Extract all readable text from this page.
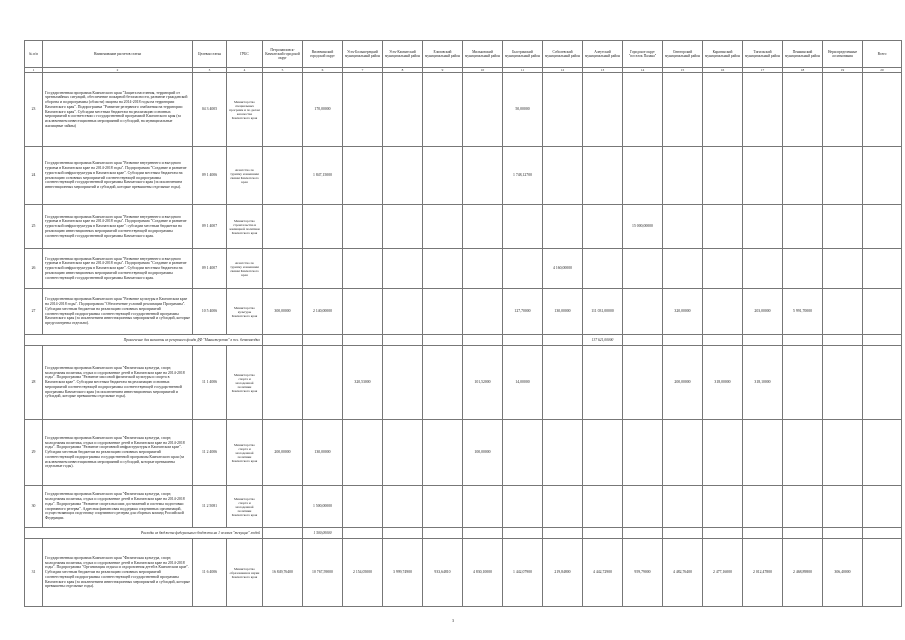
№ п/п	Наименование расчетов статьи	Целевая статья	ГРБС	Петропавловск-Камчатский городской округ	Вилючинский городской округ	Усть-Большерецкий муниципальный район	Усть-Камчатский муниципальный район	Елизовский муниципальный район	Мильковский муниципальный район	Быстринский муниципальный район	Соболевский муниципальный район	Алеутский муниципальный район	Городское округ "поселок Палана"	Олюторский муниципальный район	Карагинский муниципальный район	Тигильский муниципальный район	Пенжинский муниципальный район	Нераспределенные ассигнования	Всего	
1	2	3	4	5	6	7	8	9	10	11	12	13	14	15	16	17	18	19	20	
23	Государственная программа Камчатского края "Защита населения, территорий от чрезвычайных ситуаций, обеспечение пожарной безопасности, развитие гражданской обороты и подпрограммы (области) защиты на 2014-2018 годы на территории Камчатского края". Подпрограмма "Развитие резервного снабжения на территории Камчатского края". Субсидии местным бюджетам на реализацию основных мероприятий в соответствии с государственной программой Камчатского края (за исключением инвестиционных мероприятий и субсидий, на муниципальные жилищные займы)	04 3 4005	Министерство специальных программ и по делам казачества Камчатского края		170,00000					50,00000										
24	Государственная программа Камчатского края "Развитие внутреннего и въездного туризма в Камчатском крае на 2014-2018 годы". Подпрограмма "Создание и развитие туристской инфраструктуры в Камчатском крае". Субсидии местным бюджетам на реализацию основных мероприятий соответствующей подпрограммы соответствующей государственной программы Камчатского края (за исключением инвестиционных мероприятий и субсидий, которые превышены отдельные годы).	09 1 4006	Агентство по туризму и внешним связям Камчатского края		1 847,15000					1 748,12700										
25	Государственная программа Камчатского края "Развитие внутреннего и въездного туризма в Камчатском крае на 2014-2018 годы". Подпрограмма "Создание и развитие туристской инфраструктуры в Камчатском крае": субсидии местным бюджетам на реализацию инвестиционных мероприятий соответствующей подпрограммы соответствующей государственной программы Камчатского края.	09 1 4007	Министерство строительства и жилищной политики Камчатского края										15 000,00000							
26	Государственная программа Камчатского края "Развитие внутреннего и въездного туризма в Камчатском крае на 2014-2018 годы". Подпрограмма "Создание и развитие туристской инфраструктуры в Камчатском крае". Субсидии местным бюджетам на реализацию инвестиционных мероприятий соответствующей подпрограммы соответствующей государственной программы Камчатского края.	09 1 4007	Агентство по туризму и внешним связям Камчатского края								4 160,00000									
27	Государственная программа Камчатского края "Развитие культуры в Камчатском крае на 2014-2018 годы". Подпрограмма "Обеспечение условий реализации Программы". Субсидии местным бюджетам на реализацию основных мероприятий соответствующей подпрограммы соответствующей государственной программы Камчатского края (за исключением инвестиционных мероприятий и субсидий, которые предусмотрены отдельно).	10 5 4006	Министерство культуры Камчатского края	300,00000	2 140,00000					127,70000	130,00000	111 031,00000		320,00000		203,00000	5 991,70000			
Привлечение для выплаты из резервного фонда ДФ "Министерство" в т.ч. безвозмездно												137 621,00000								
28	Государственная программа Камчатского края "Физическая культура, спорт, молодежная политика, отдых и оздоровление детей в Камчатском крае на 2014-2018 годы". Подпрограмма "Развитие массовой физической культуры и спорта в Камчатском крае". Субсидии местным бюджетам на реализацию основных мероприятий соответствующей подпрограммы соответствующей государственной программы Камчатского края (за исключением инвестиционных мероприятий и субсидий, которые превышены отдельные годы).	11 1 4006	Министерство спорта и молодежной политики Камчатского края			320,53000			101,52000	14,00000				200,00000	318,00000	318,10000				
29	Государственная программа Камчатского края "Физическая культура, спорт, молодежная политика, отдых и оздоровление детей в Камчатском крае на 2014-2018 годы". Подпрограмма "Развитие спортивной инфраструктуры в Камчатском крае". Субсидии местным бюджетам на реализацию основных мероприятий соответствующей подпрограммы государственной программы Камчатского края (за исключением инвестиционных мероприятий и субсидий, которые превышены отдельные годы).	11 2 4006	Министерство спорта и молодежной политики Камчатского края	200,00000	130,00000				100,00000											
30	Государственная программа Камчатского края "Физическая культура, спорт, молодежная политика, отдых и оздоровление детей в Камчатском крае на 2014-2018 годы". Подпрограмма "Развитие спорта высших достижений и системы подготовки спортивного резерва". Адресная финансовая поддержка спортивных организаций, осуществляющих подготовку спортивного резерва для сборных команд Российской Федерации.	11 2 5081	Министерство спорта и молодежной политики Камчатского края		1 500,00000															
Расходы из бюджета федерального бюджета на 1 человек "текущие" людей					1 500,00000															
31	Государственная программа Камчатского края "Физическая культура, спорт, молодежная политика, отдых и оздоровление детей в Камчатском крае на 2014-2018 годы". Подпрограмма "Организация отдыха и оздоровления детей в Камчатском крае". Субсидии местным бюджетам на реализацию основных мероприятий соответствующей подпрограммы соответствующей государственной программы Камчатского края (за исключением инвестиционных мероприятий и субсидий, которые превышены отдельные годы).	11 6 4006	Министерство образования и науки Камчатского края	16 849,76400	10 767,59000	2 154,05000	3 999,74900	933,64810	4 830,10000	1 442,07900	219,84800	4 442,72900	959,79000	4 482,76400	2 477,16000	2 012,47800	2 468,89800	306,40000		
3
